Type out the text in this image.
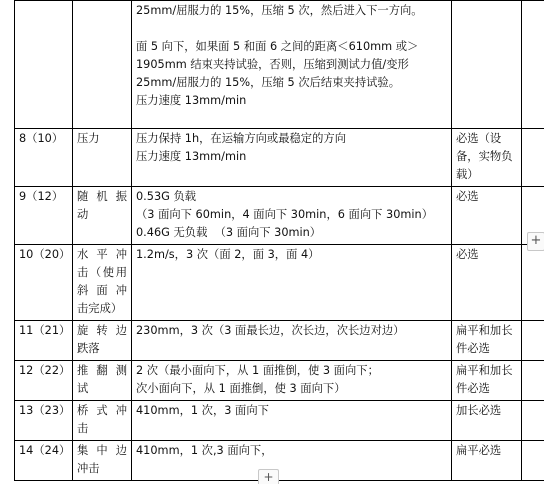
		25mm/屈服力的 15%，压缩 5 次，然后进入下一方向。
面 5 向下，如果面 5 和面 6 之间的距离＜610mm 或＞
1905mm 结束夹持试验，否则，压缩到测试力值/变形
25mm/屈服力的 15%，压缩 5 次后结束夹持试验。
压力速度 13mm/min		

8（10）	压力	压力保持 1h，在运输方向或最稳定的方向
压力速度 13mm/min	必选（设备，实物负载）	

9（12）	随机振
动	0.53G 负载
（3 面向下 60min，4 面向下 30min，6 面向下 30min）
0.46G 无负载  （3 面向下 30min）	必选	

10（20）	水平冲
击（使用
斜面冲
击完成）	1.2m/s，3 次（面 2，面 3，面 4）	必选	

11（21）	旋转边
跌落	230mm，3 次（3 面最长边，次长边，次长边对边）	扁平和加长件必选	

12（22）	推翻测
试	2 次（最小面向下，从 1 面推倒，使 3 面向下；
次小面向下，从 1 面推倒，使 3 面向下）	扁平和加长件必选	

13（23）	桥式冲
击	410mm，1 次，3 面向下	加长必选	

14（24）	集中边
冲击	410mm，1 次,3 面向下，	扁平必选	

+
+
